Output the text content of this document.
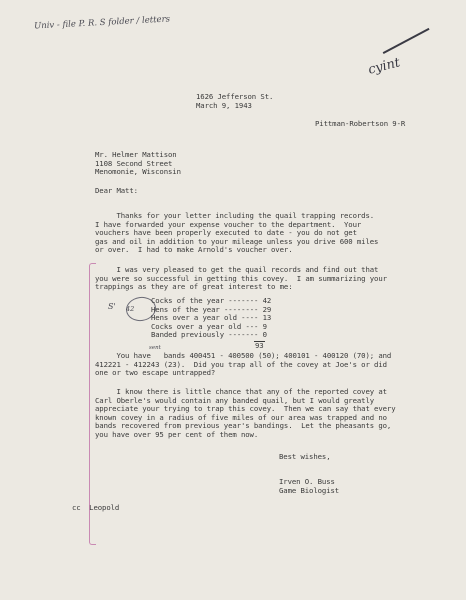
Univ - file P. R. S folder / letters

cyint

1626 Jefferson St.

March 9, 1943

Pittman-Robertson 9-R

Mr. Helmer Mattison

1108 Second Street

Menomonie, Wisconsin

Dear Matt:

Thanks for your letter including the quail trapping records.

I have forwarded your expense voucher to the department.  Your

vouchers have been properly executed to date - you do not get

gas and oil in addition to your mileage unless you drive 600 miles

or over.  I had to make Arnold's voucher over.

I was very pleased to get the quail records and find out that

you were so successful in getting this covey.  I am summarizing your

trappings as they are of great interest to me:

S' 42

Cocks of the year ------- 42

Hens of the year -------- 29

Hens over a year old ---- 13

Cocks over a year old --- 9

Banded previously ------- 0

93

sent

You have   bands 400451 - 400500 (50); 400101 - 400120 (70); and

412221 - 412243 (23).  Did you trap all of the covey at Joe's or did

one or two escape untrapped?

I know there is little chance that any of the reported covey at

Carl Oberle's would contain any banded quail, but I would greatly

appreciate your trying to trap this covey.  Then we can say that every

known covey in a radius of five miles of our area was trapped and no

bands recovered from previous year's bandings.  Let the pheasants go,

you have over 95 per cent of them now.

Best wishes,

Irven O. Buss

Game Biologist

cc  Leopold
